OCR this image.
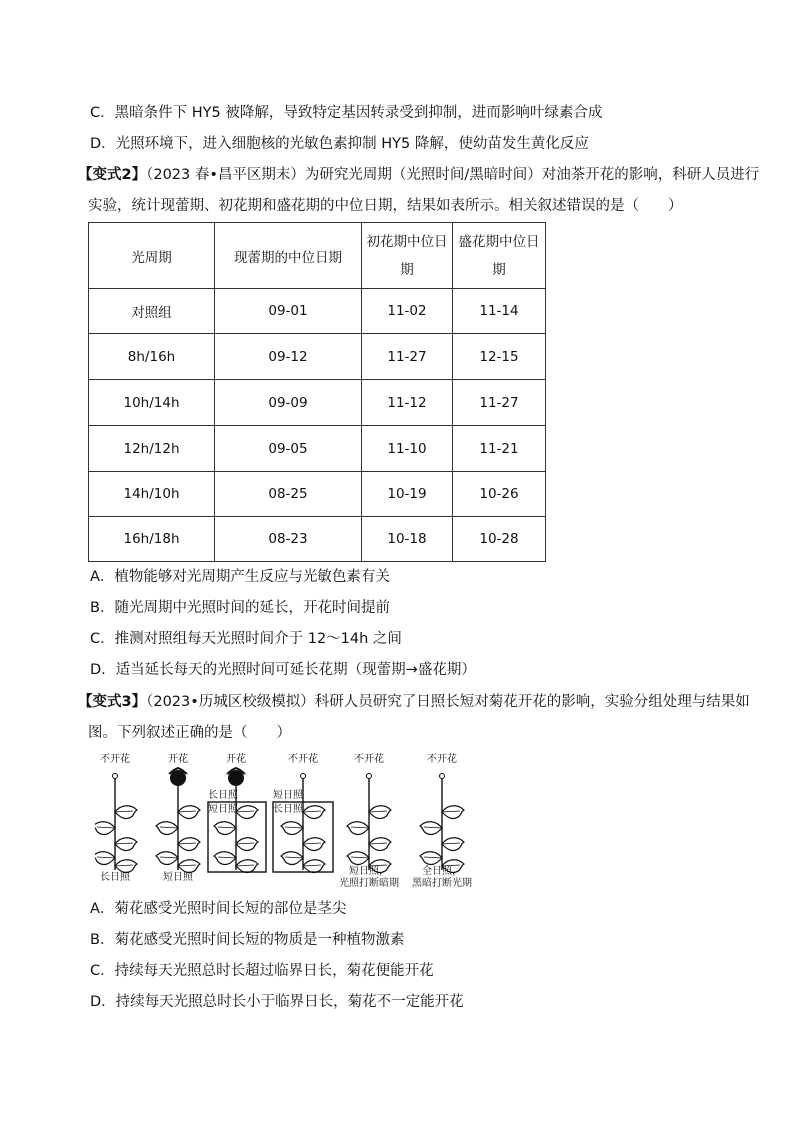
C．黑暗条件下 HY5 被降解，导致特定基因转录受到抑制，进而影响叶绿素合成
D．光照环境下，进入细胞核的光敏色素抑制 HY5 降解，使幼苗发生黄化反应
【变式2】（2023 春•昌平区期末）为研究光周期（光照时间/黑暗时间）对油茶开花的影响，科研人员进行
实验，统计现蕾期、初花期和盛花期的中位日期，结果如表所示。相关叙述错误的是（　　）
光周期	现蕾期的中位日期	初花期中位日期	盛花期中位日期
对照组	09-01	11-02	11-14
8h/16h	09-12	11-27	12-15
10h/14h	09-09	11-12	11-27
12h/12h	09-05	11-10	11-21
14h/10h	08-25	10-19	10-26
16h/18h	08-23	10-18	10-28
A．植物能够对光周期产生反应与光敏色素有关
B．随光周期中光照时间的延长，开花时间提前
C．推测对照组每天光照时间介于 12～14h 之间
D．适当延长每天的光照时间可延长花期（现蕾期→盛花期）
【变式3】（2023•历城区校级模拟）科研人员研究了日照长短对菊花开花的影响，实验分组处理与结果如
图。下列叙述正确的是（　　）
不开花	开花	开花	不开花	不开花	不开花
长日照
短日照
短日照
长日照
长日照	短日照
短日照，
光照打断暗期
全日照，
黑暗打断光期
A．菊花感受光照时间长短的部位是茎尖
B．菊花感受光照时间长短的物质是一种植物激素
C．持续每天光照总时长超过临界日长，菊花便能开花
D．持续每天光照总时长小于临界日长，菊花不一定能开花
